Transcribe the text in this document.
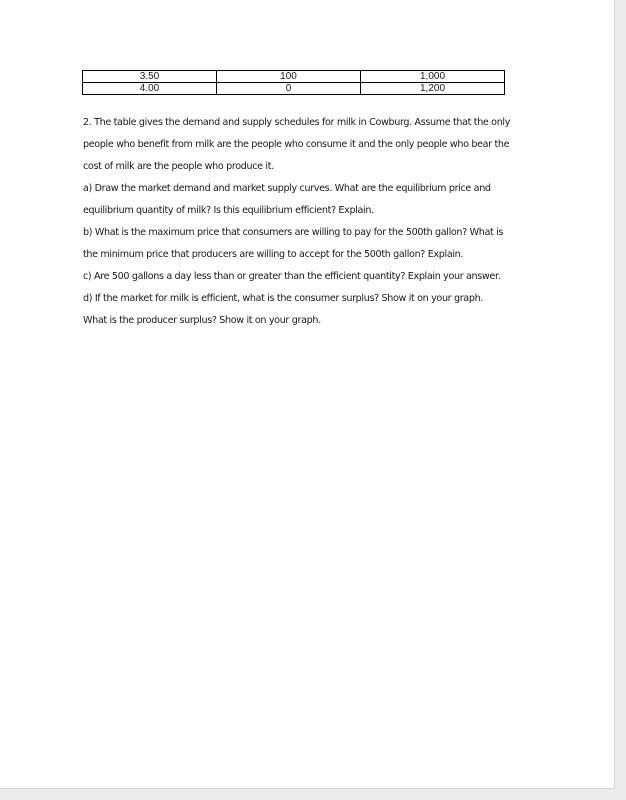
3.50	100	1,000
4.00	0	1,200

2. The table gives the demand and supply schedules for milk in Cowburg. Assume that the only

people who benefit from milk are the people who consume it and the only people who bear the

cost of milk are the people who produce it.

a) Draw the market demand and market supply curves. What are the equilibrium price and

equilibrium quantity of milk? Is this equilibrium efficient? Explain.

b) What is the maximum price that consumers are willing to pay for the 500th gallon? What is

the minimum price that producers are willing to accept for the 500th gallon? Explain.

c) Are 500 gallons a day less than or greater than the efficient quantity? Explain your answer.

d) If the market for milk is efficient, what is the consumer surplus? Show it on your graph.

What is the producer surplus? Show it on your graph.
